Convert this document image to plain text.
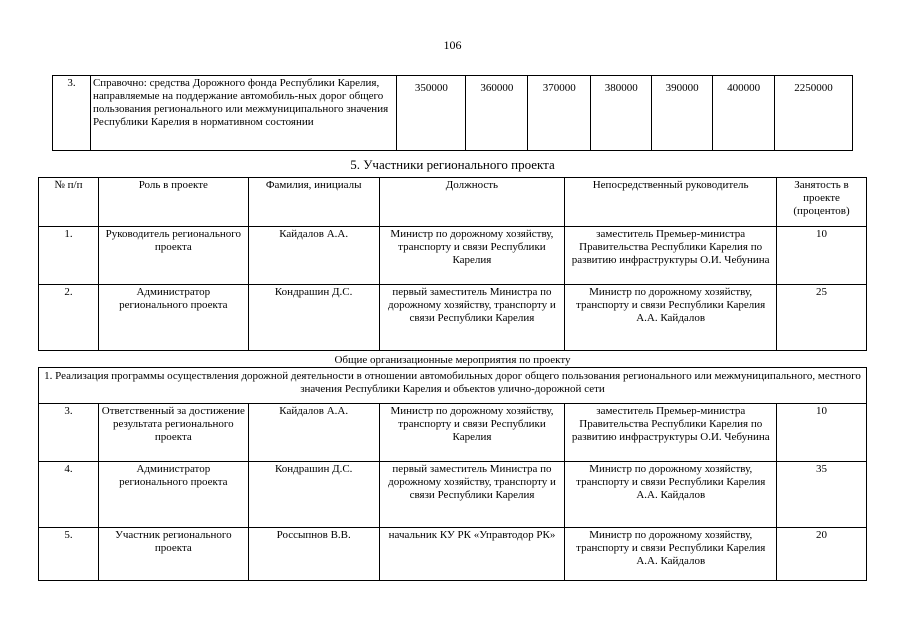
106
3.	Справочно: средства Дорожного фонда Республики Карелия, направляемые на поддержание автомобиль-ных дорог общего пользования регионального или межмуниципального значения Республики Карелия в нормативном состоянии	350000	360000	370000	380000	390000	400000	2250000
5. Участники регионального проекта
№ п/п	Роль в проекте	Фамилия, инициалы	Должность	Непосредственный руководитель	Занятость в проекте (процентов)
1.	Руководитель регионального проекта	Кайдалов А.А.	Министр по дорожному хозяйству, транспорту и связи Республики Карелия	заместитель Премьер-министра Правительства Республики Карелия по развитию инфраструктуры О.И. Чебунина	10
2.	Администратор регионального проекта	Кондрашин Д.С.	первый заместитель Министра по дорожному хозяйству, транспорту и связи Республики Карелия	Министр по дорожному хозяйству, транспорту и связи Республики Карелия А.А. Кайдалов	25
Общие организационные мероприятия по проекту
1. Реализация программы осуществления дорожной деятельности в отношении автомобильных дорог общего пользования регионального или межмуниципального, местного значения Республики Карелия и объектов улично-дорожной сети					
3.	Ответственный за достижение результата регионального проекта	Кайдалов А.А.	Министр по дорожному хозяйству, транспорту и связи Республики Карелия	заместитель Премьер-министра Правительства Республики Карелия по развитию инфраструктуры О.И. Чебунина	10
4.	Администратор регионального проекта	Кондрашин Д.С.	первый заместитель Министра по дорожному хозяйству, транспорту и связи Республики Карелия	Министр по дорожному хозяйству, транспорту и связи Республики Карелия А.А. Кайдалов	35
5.	Участник регионального проекта	Россыпнов В.В.	начальник КУ РК «Управтодор РК»	Министр по дорожному хозяйству, транспорту и связи Республики Карелия А.А. Кайдалов	20
